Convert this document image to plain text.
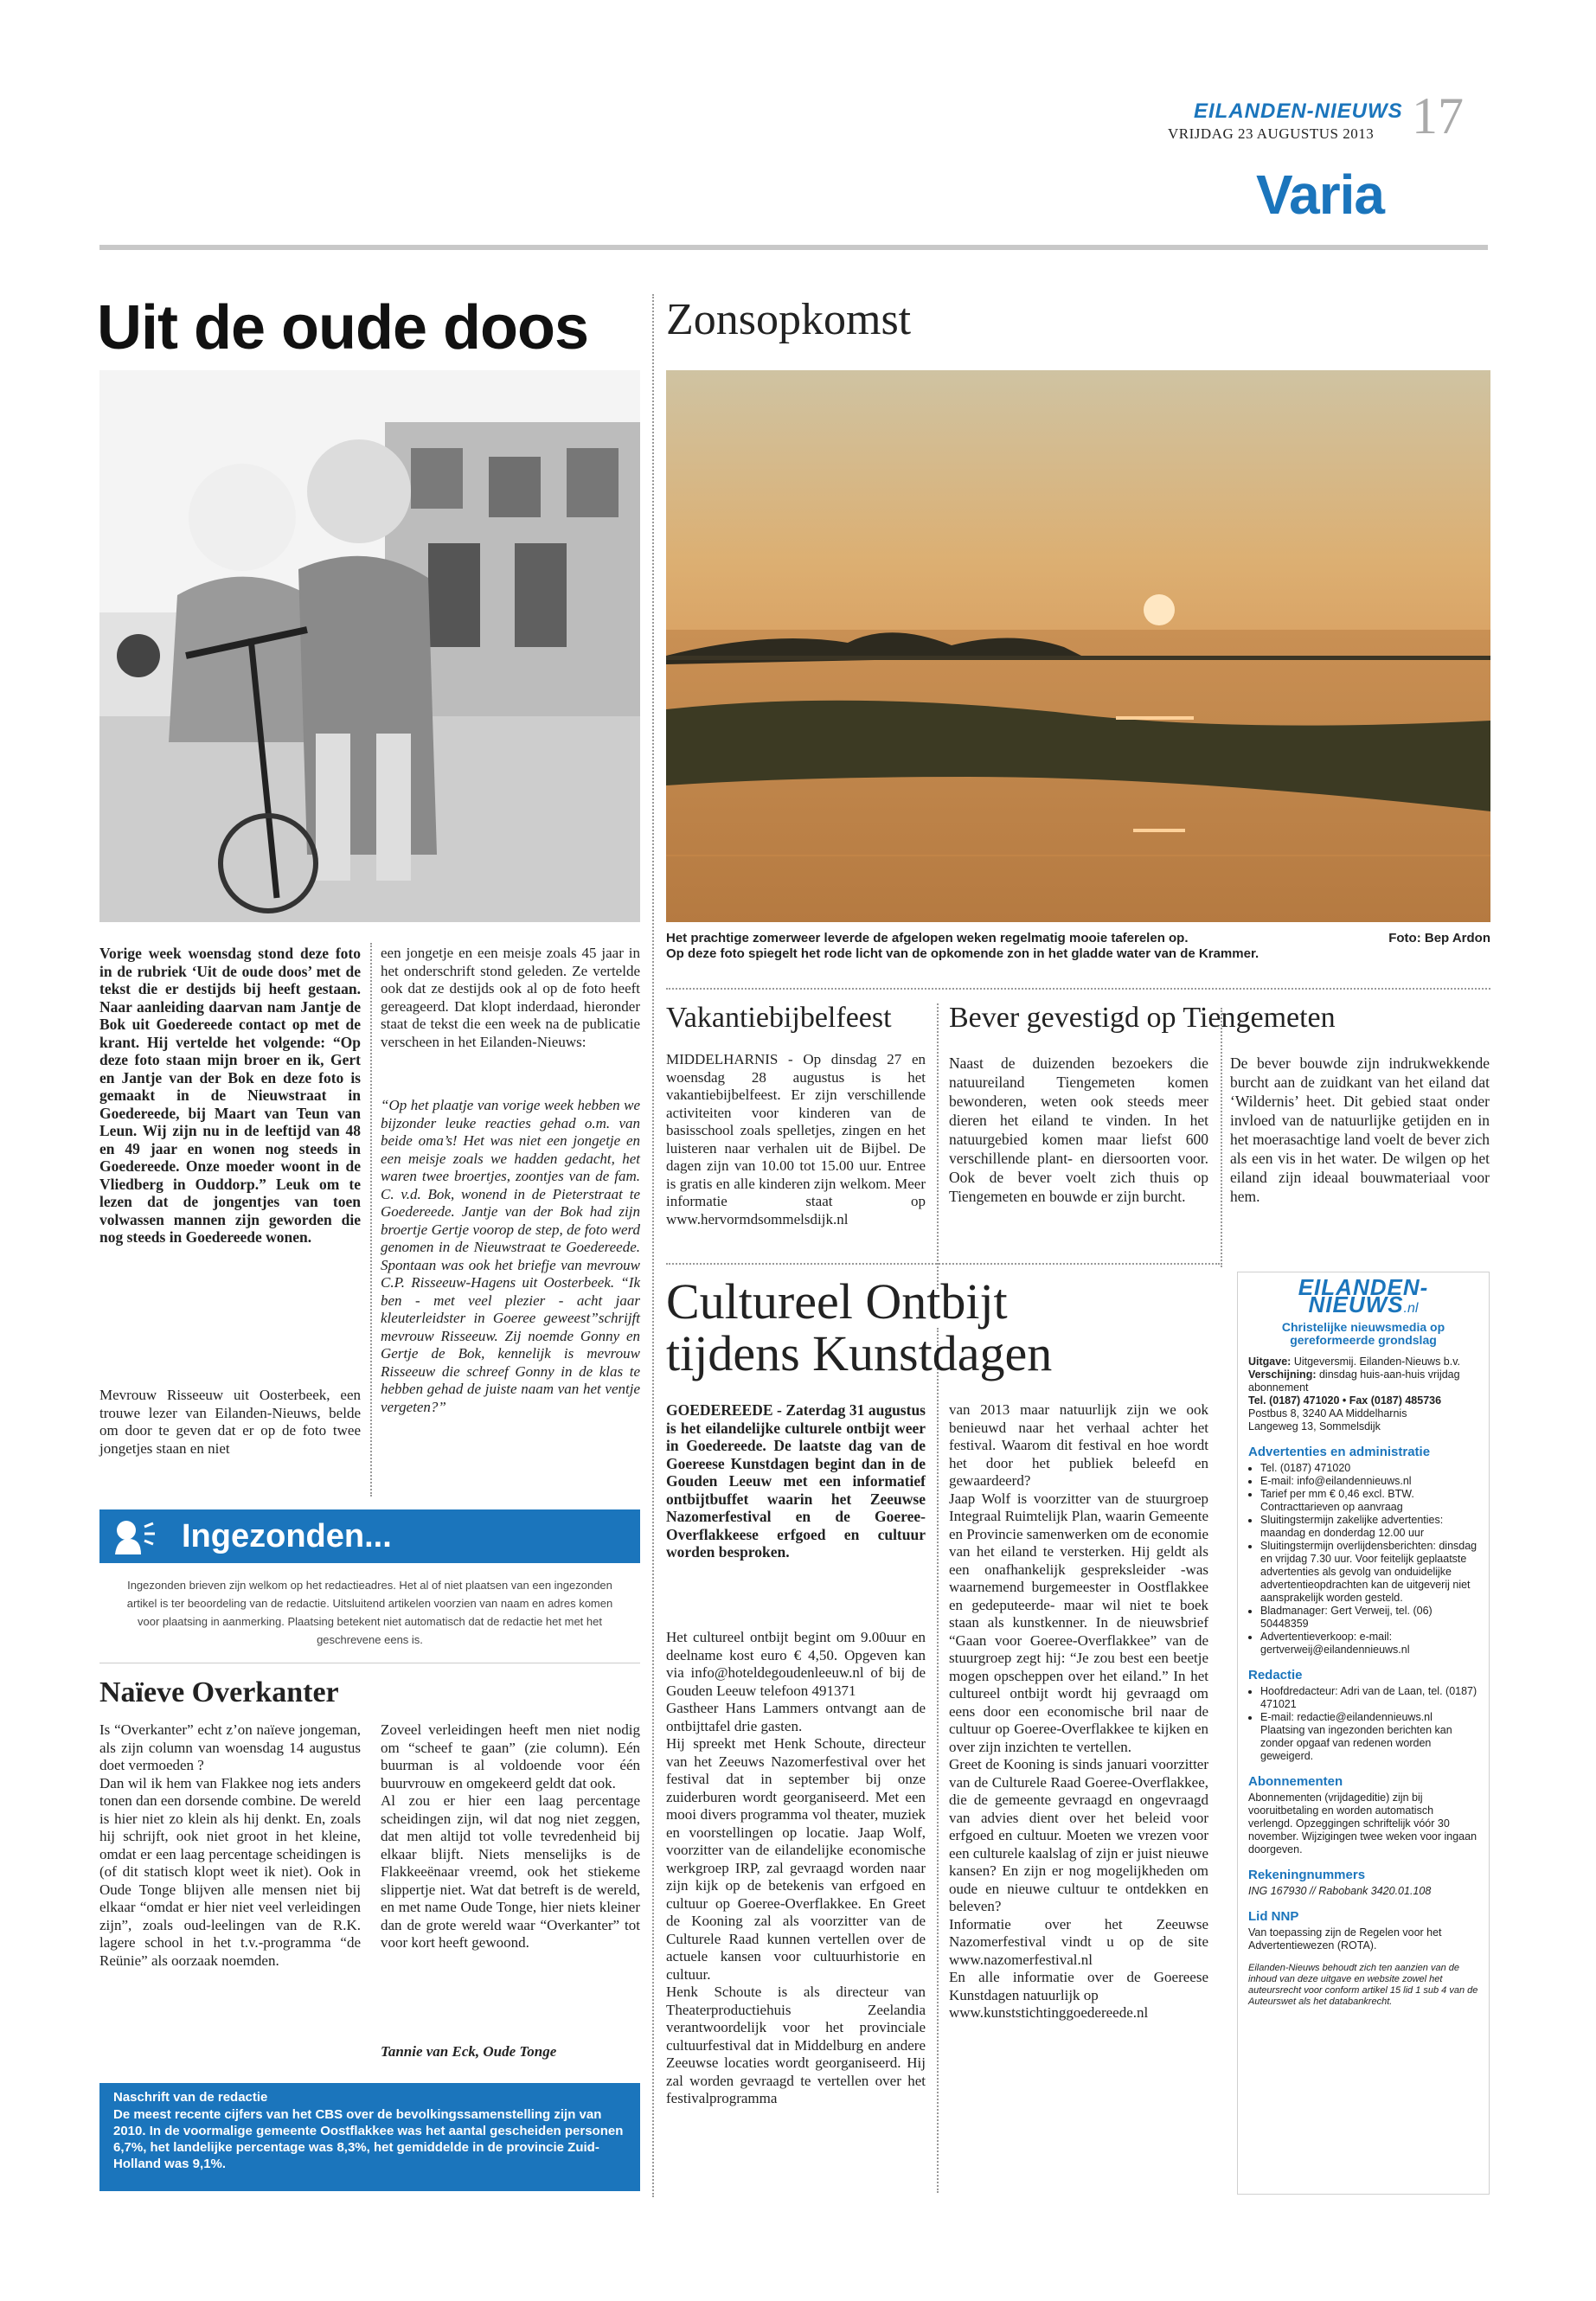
EILANDEN-NIEUWS
VRIJDAG 23 AUGUSTUS 2013 17
Varia
Uit de oude doos
Vorige week woensdag stond deze foto in de rubriek ‘Uit de oude doos’ met de tekst die er destijds bij heeft gestaan. Naar aanleiding daarvan nam Jantje de Bok uit Goedereede contact op met de krant. Hij vertelde het volgende: “Op deze foto staan mijn broer en ik, Gert en Jantje van der Bok en deze foto is gemaakt in de Nieuwstraat in Goedereede, bij Maart van Teun van Leun. Wij zijn nu in de leeftijd van 48 en 49 jaar en wonen nog steeds in Goedereede. Onze moeder woont in de Vliedberg in Ouddorp.” Leuk om te lezen dat de jongentjes van toen volwassen mannen zijn geworden die nog steeds in Goedereede wonen.
Mevrouw Risseeuw uit Oosterbeek, een trouwe lezer van Eilanden-Nieuws, belde om door te geven dat er op de foto twee jongetjes staan en niet
een jongetje en een meisje zoals 45 jaar in het onderschrift stond geleden. Ze vertelde ook dat ze destijds ook al op de foto heeft gereageerd. Dat klopt inderdaad, hieronder staat de tekst die een week na de publicatie verscheen in het Eilanden-Nieuws:
“Op het plaatje van vorige week hebben we bijzonder leuke reacties gehad o.m. van beide oma’s! Het was niet een jongetje en een meisje zoals we hadden gedacht, het waren twee broertjes, zoontjes van de fam. C. v.d. Bok, wonend in de Pieterstraat te Goedereede. Jantje van der Bok had zijn broertje Gertje voorop de step, de foto werd genomen in de Nieuwstraat te Goedereede. Spontaan was ook het briefje van mevrouw C.P. Risseeuw-Hagens uit Oosterbeek. “Ik ben - met veel plezier - acht jaar kleuterleidster in Goeree geweest”schrijft mevrouw Risseeuw. Zij noemde Gonny en Gertje de Bok, kennelijk is mevrouw Risseeuw die schreef Gonny in de klas te hebben gehad de juiste naam van het ventje vergeten?”
Zonsopkomst
Het prachtige zomerweer leverde de afgelopen weken regelmatig mooie taferelen op.
Op deze foto spiegelt het rode licht van de opkomende zon in het gladde water van de Krammer.
Foto: Bep Ardon
Vakantiebijbelfeest
MIDDELHARNIS - Op dinsdag 27 en woensdag 28 augustus is het vakantiebijbelfeest. Er zijn verschillende activiteiten voor kinderen van de basisschool zoals spelletjes, zingen en het luisteren naar verhalen uit de Bijbel. De dagen zijn van 10.00 tot 15.00 uur. Entree is gratis en alle kinderen zijn welkom. Meer informatie staat op www.hervormdsommelsdijk.nl
Bever gevestigd op Tiengemeten
Naast de duizenden bezoekers die natuureiland Tiengemeten komen bewonderen, weten ook steeds meer dieren het eiland te vinden. In het natuurgebied komen maar liefst 600 verschillende plant- en diersoorten voor. Ook de bever voelt zich thuis op Tiengemeten en bouwde er zijn burcht.
De bever bouwde zijn indrukwekkende burcht aan de zuidkant van het eiland dat ‘Wildernis’ heet. Dit gebied staat onder invloed van de natuurlijke getijden en in het moerasachtige land voelt de bever zich als een vis in het water. De wilgen op het eiland zijn ideaal bouwmateriaal voor hem.
Cultureel Ontbijt
tijdens Kunstdagen
GOEDEREEDE - Zaterdag 31 augustus is het eilandelijke culturele ontbijt weer in Goedereede. De laatste dag van de Goereese Kunstdagen begint dan in de Gouden Leeuw met een informatief ontbijtbuffet waarin het Zeeuwse Nazomerfestival en de Goeree-Overflakkeese erfgoed en cultuur worden besproken.
Het cultureel ontbijt begint om 9.00uur en deelname kost euro € 4,50. Opgeven kan via info@hoteldegoudenleeuw.nl of bij de Gouden Leeuw telefoon 491371
Gastheer Hans Lammers ontvangt aan de ontbijttafel drie gasten.
Hij spreekt met Henk Schoute, directeur van het Zeeuws Nazomerfestival over het festival dat in september bij onze zuiderburen wordt georganiseerd. Met een mooi divers programma vol theater, muziek en voorstellingen op locatie. Jaap Wolf, voorzitter van de eilandelijke economische werkgroep IRP, zal gevraagd worden naar zijn kijk op de betekenis van erfgoed en cultuur op Goeree-Overflakkee. En Greet de Kooning zal als voorzitter van de Culturele Raad kunnen vertellen over de actuele kansen voor cultuurhistorie en cultuur.
Henk Schoute is als directeur van Theaterproductiehuis Zeelandia verantwoordelijk voor het provinciale cultuurfestival dat in Middelburg en andere Zeeuwse locaties wordt georganiseerd. Hij zal worden gevraagd te vertellen over het festivalprogramma
van 2013 maar natuurlijk zijn we ook benieuwd naar het verhaal achter het festival. Waarom dit festival en hoe wordt het door het publiek beleefd en gewaardeerd?
Jaap Wolf is voorzitter van de stuurgroep Integraal Ruimtelijk Plan, waarin Gemeente en Provincie samenwerken om de economie van het eiland te versterken. Hij geldt als een onafhankelijk gespreksleider -was waarnemend burgemeester in Oostflakkee en gedeputeerde- maar wil niet te boek staan als kunstkenner. In de nieuwsbrief “Gaan voor Goeree-Overflakkee” van de stuurgroep zegt hij: “Je zou best een beetje mogen opscheppen over het eiland.” In het cultureel ontbijt wordt hij gevraagd om eens door een economische bril naar de cultuur op Goeree-Overflakkee te kijken en over zijn inzichten te vertellen.
Greet de Kooning is sinds januari voorzitter van de Culturele Raad Goeree-Overflakkee, die de gemeente gevraagd en ongevraagd van advies dient over het beleid voor erfgoed en cultuur. Moeten we vrezen voor een culturele kaalslag of zijn er juist nieuwe kansen? En zijn er nog mogelijkheden om oude en nieuwe cultuur te ontdekken en beleven?
Informatie over het Zeeuwse Nazomerfestival vindt u op de site www.nazomerfestival.nl
En alle informatie over de Goereese Kunstdagen natuurlijk op
www.kunststichtinggoedereede.nl
EILANDEN-NIEUWS.nl
Christelijke nieuwsmedia op gereformeerde grondslag
Uitgave: Uitgeversmij. Eilanden-Nieuws b.v.
Verschijning: dinsdag huis-aan-huis vrijdag abonnement
Tel. (0187) 471020 • Fax (0187) 485736
Postbus 8, 3240 AA Middelharnis
Langeweg 13, Sommelsdijk
Advertenties en administratie
• Tel. (0187) 471020
• E-mail: info@eilandennieuws.nl
• Tarief per mm € 0,46 excl. BTW. Contracttarieven op aanvraag
• Sluitingstermijn zakelijke advertenties: maandag en donderdag 12.00 uur
• Sluitingstermijn overlijdensberichten: dinsdag en vrijdag 7.30 uur. Voor feitelijk geplaatste advertenties als gevolg van onduidelijke advertentieopdrachten kan de uitgeverij niet aansprakelijk worden gesteld.
• Bladmanager: Gert Verweij, tel. (06) 50448359
• Advertentieverkoop: e-mail: gertverweij@eilandennieuws.nl
Redactie
• Hoofdredacteur: Adri van de Laan, tel. (0187) 471021
• E-mail: redactie@eilandennieuws.nl Plaatsing van ingezonden berichten kan zonder opgaaf van redenen worden geweigerd.
Abonnementen
Abonnementen (vrijdageditie) zijn bij vooruitbetaling en worden automatisch verlengd. Opzeggingen schriftelijk vóór 30 november. Wijzigingen twee weken voor ingaan doorgeven.
Rekeningnummers
ING 167930 // Rabobank 3420.01.108
Lid NNP
Van toepassing zijn de Regelen voor het Advertentiewezen (ROTA).
Eilanden-Nieuws behoudt zich ten aanzien van de inhoud van deze uitgave en website zowel het auteursrecht voor conform artikel 15 lid 1 sub 4 van de Auteurswet als het databankrecht.
Ingezonden...
Ingezonden brieven zijn welkom op het redactieadres. Het al of niet plaatsen van een ingezonden artikel is ter beoordeling van de redactie. Uitsluitend artikelen voorzien van naam en adres komen voor plaatsing in aanmerking. Plaatsing betekent niet automatisch dat de redactie het met het geschrevene eens is.
Naïeve Overkanter
Is “Overkanter” echt z’on naïeve jongeman, als zijn column van woensdag 14 augustus doet vermoeden ?
Dan wil ik hem van Flakkee nog iets anders tonen dan een dorsende combine. De wereld is hier niet zo klein als hij denkt. En, zoals hij schrijft, ook niet groot in het kleine, omdat er een laag percentage scheidingen is (of dit statisch klopt weet ik niet). Ook in Oude Tonge blijven alle mensen niet bij elkaar “omdat er hier niet veel verleidingen zijn”, zoals oud-leelingen van de R.K. lagere school in het t.v.-programma “de Reünie” als oorzaak noemden.
Zoveel verleidingen heeft men niet nodig om “scheef te gaan” (zie column). Eén buurman is al voldoende voor één buurvrouw en omgekeerd geldt dat ook.
Al zou er hier een laag percentage scheidingen zijn, wil dat nog niet zeggen, dat men altijd tot volle tevredenheid bij elkaar blijft. Niets menselijks is de Flakkeeënaar vreemd, ook het stiekeme slippertje niet. Wat dat betreft is de wereld, en met name Oude Tonge, hier niets kleiner dan de grote wereld waar “Overkanter” tot voor kort heeft gewoond.
Tannie van Eck, Oude Tonge
Naschrift van de redactie
De meest recente cijfers van het CBS over de bevolkingssamenstelling zijn van 2010. In de voormalige gemeente Oostflakkee was het aantal gescheiden personen 6,7%, het landelijke percentage was 8,3%, het gemiddelde in de provincie Zuid-Holland was 9,1%.
